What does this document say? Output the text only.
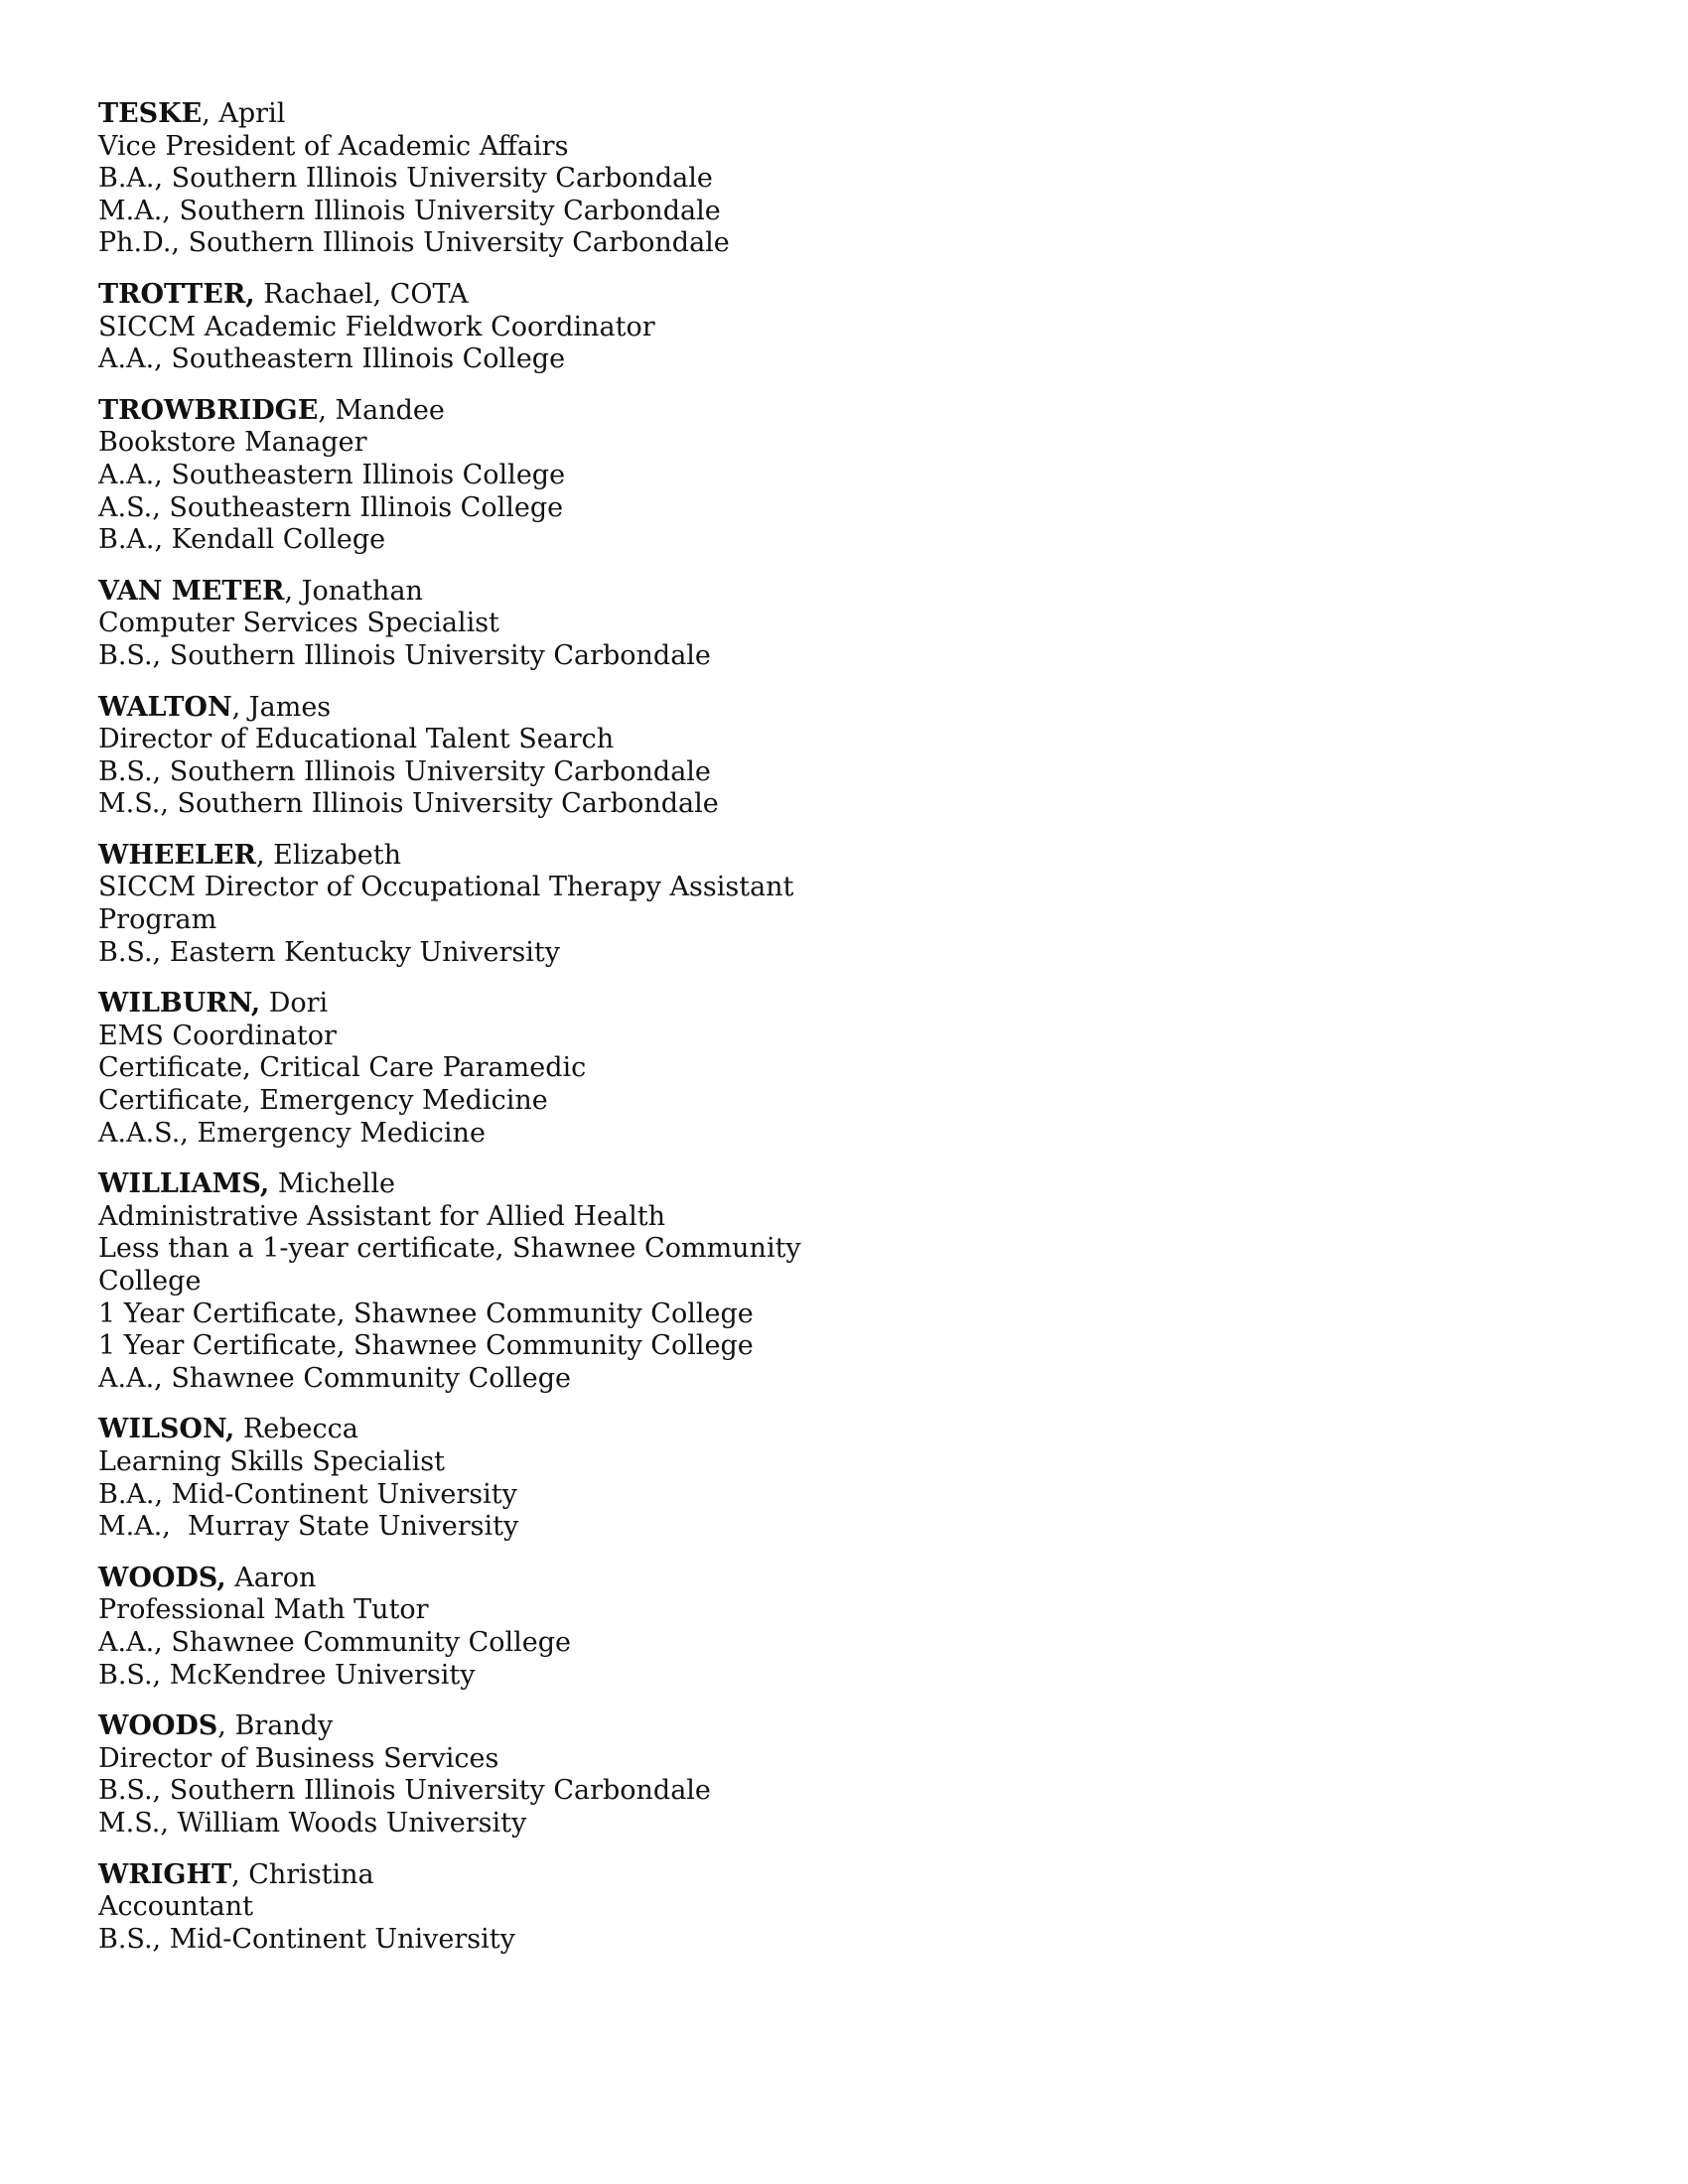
TESKE, April
Vice President of Academic Affairs
B.A., Southern Illinois University Carbondale
M.A., Southern Illinois University Carbondale
Ph.D., Southern Illinois University Carbondale
TROTTER, Rachael, COTA
SICCM Academic Fieldwork Coordinator
A.A., Southeastern Illinois College
TROWBRIDGE, Mandee
Bookstore Manager
A.A., Southeastern Illinois College
A.S., Southeastern Illinois College
B.A., Kendall College
VAN METER, Jonathan
Computer Services Specialist
B.S., Southern Illinois University Carbondale
WALTON, James
Director of Educational Talent Search
B.S., Southern Illinois University Carbondale
M.S., Southern Illinois University Carbondale
WHEELER, Elizabeth
SICCM Director of Occupational Therapy Assistant Program
B.S., Eastern Kentucky University
WILBURN, Dori
EMS Coordinator
Certificate, Critical Care Paramedic
Certificate, Emergency Medicine
A.A.S., Emergency Medicine
WILLIAMS, Michelle
Administrative Assistant for Allied Health
Less than a 1-year certificate, Shawnee Community College
1 Year Certificate, Shawnee Community College
1 Year Certificate, Shawnee Community College
A.A., Shawnee Community College
WILSON, Rebecca
Learning Skills Specialist
B.A., Mid-Continent University
M.A.,  Murray State University
WOODS, Aaron
Professional Math Tutor
A.A., Shawnee Community College
B.S., McKendree University
WOODS, Brandy
Director of Business Services
B.S., Southern Illinois University Carbondale
M.S., William Woods University
WRIGHT, Christina
Accountant
B.S., Mid-Continent University
